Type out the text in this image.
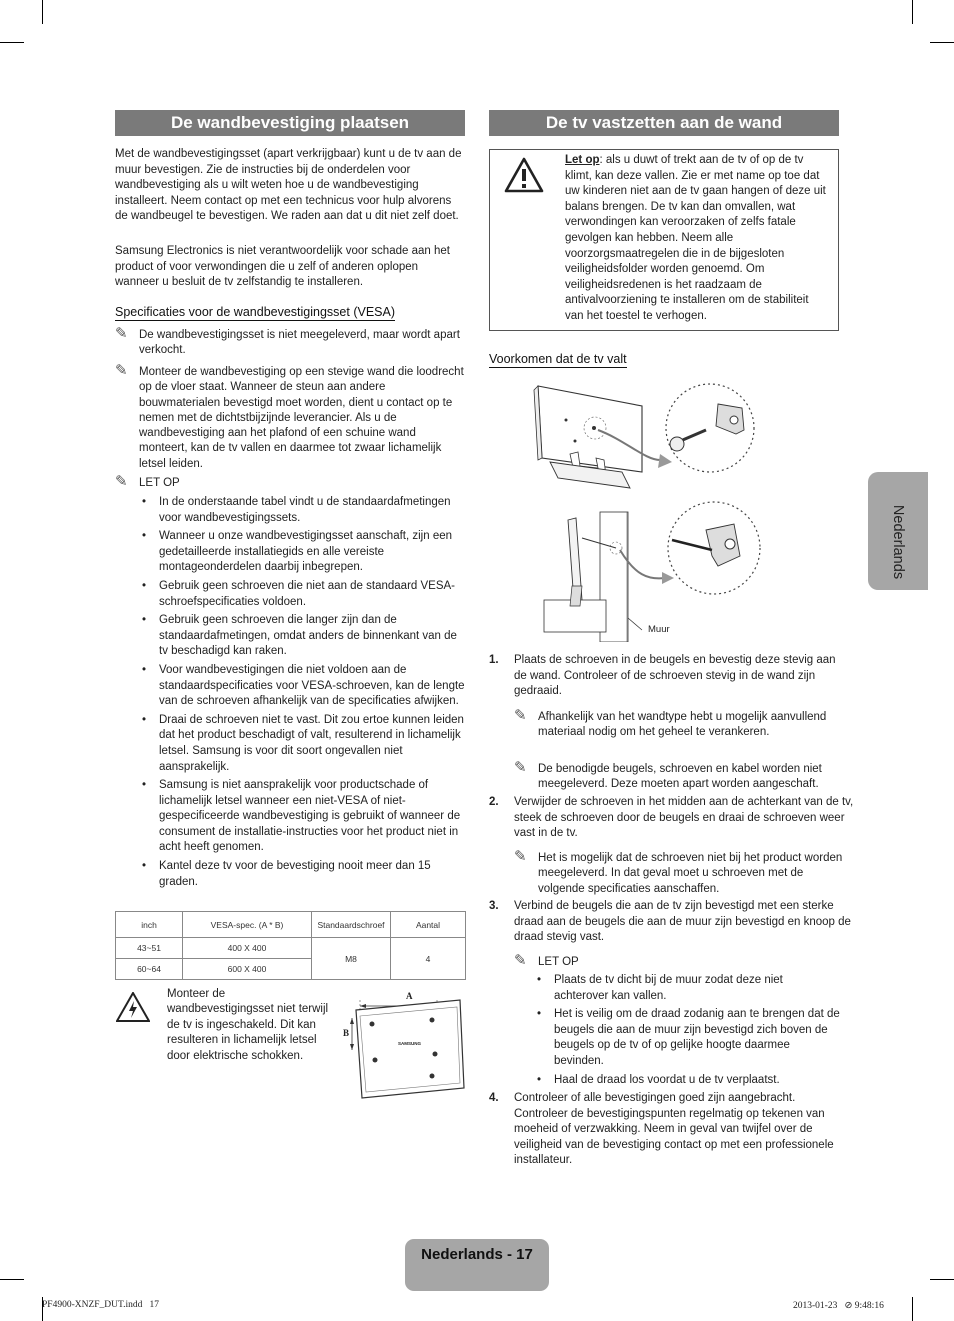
De wandbevestiging plaatsen
Met de wandbevestigingsset (apart verkrijgbaar) kunt u de tv aan de muur bevestigen. Zie de instructies bij de onderdelen voor wandbevestiging als u wilt weten hoe u de wandbevestiging installeert. Neem contact op met een technicus voor hulp alvorens de wandbeugel te bevestigen. We raden aan dat u dit niet zelf doet.
Samsung Electronics is niet verantwoordelijk voor schade aan het product of voor verwondingen die u zelf of anderen oplopen wanneer u besluit de tv zelfstandig te installeren.
Specificaties voor de wandbevestigingsset (VESA)
✎ De wandbevestigingsset is niet meegeleverd, maar wordt apart verkocht.
✎ Monteer de wandbevestiging op een stevige wand die loodrecht op de vloer staat. Wanneer de steun aan andere bouwmaterialen bevestigd moet worden, dient u contact op te nemen met de dichtstbijzijnde leverancier. Als u de wandbevestiging aan het plafond of een schuine wand monteert, kan de tv vallen en daarmee tot zwaar lichamelijk letsel leiden.
✎ LET OP
• In de onderstaande tabel vindt u de standaardafmetingen voor wandbevestigingssets.
• Wanneer u onze wandbevestigingsset aanschaft, zijn een gedetailleerde installatiegids en alle vereiste montageonderdelen daarbij inbegrepen.
• Gebruik geen schroeven die niet aan de standaard VESA-schroefspecificaties voldoen.
• Gebruik geen schroeven die langer zijn dan de standaardafmetingen, omdat anders de binnenkant van de tv beschadigd kan raken.
• Voor wandbevestigingen die niet voldoen aan de standaardspecificaties voor VESA-schroeven, kan de lengte van de schroeven afhankelijk van de specificaties afwijken.
• Draai de schroeven niet te vast. Dit zou ertoe kunnen leiden dat het product beschadigt of valt, resulterend in lichamelijk letsel. Samsung is voor dit soort ongevallen niet aansprakelijk.
• Samsung is niet aansprakelijk voor productschade of lichamelijk letsel wanneer een niet-VESA of niet-gespecificeerde wandbevestiging is gebruikt of wanneer de consument de installatie-instructies voor het product niet in acht heeft genomen.
• Kantel deze tv voor de bevestiging nooit meer dan 15 graden.
inch	VESA-spec. (A * B)	Standaardschroef	Aantal
43~51	400 X 400	M8	4
60~64	600 X 400		
Monteer de wandbevestigingsset niet terwijl de tv is ingeschakeld. Dit kan resulteren in lichamelijk letsel door elektrische schokken.
A
B
SAMSUNG
De tv vastzetten aan de wand
Let op: als u duwt of trekt aan de tv of op de tv klimt, kan deze vallen. Zie er met name op toe dat uw kinderen niet aan de tv gaan hangen of deze uit balans brengen. De tv kan dan omvallen, wat verwondingen kan veroorzaken of zelfs fatale gevolgen kan hebben. Neem alle voorzorgsmaatregelen die in de bijgesloten veiligheidsfolder worden genoemd. Om veiligheidsredenen is het raadzaam de antivalvoorziening te installeren om de stabiliteit van het toestel te verhogen.
Voorkomen dat de tv valt
Muur
1. Plaats de schroeven in de beugels en bevestig deze stevig aan de wand. Controleer of de schroeven stevig in de wand zijn gedraaid.
✎ Afhankelijk van het wandtype hebt u mogelijk aanvullend materiaal nodig om het geheel te verankeren.
✎ De benodigde beugels, schroeven en kabel worden niet meegeleverd. Deze moeten apart worden aangeschaft.
2. Verwijder de schroeven in het midden aan de achterkant van de tv, steek de schroeven door de beugels en draai de schroeven weer vast in de tv.
✎ Het is mogelijk dat de schroeven niet bij het product worden meegeleverd. In dat geval moet u schroeven met de volgende specificaties aanschaffen.
3. Verbind de beugels die aan de tv zijn bevestigd met een sterke draad aan de beugels die aan de muur zijn bevestigd en knoop de draad stevig vast.
✎ LET OP
• Plaats de tv dicht bij de muur zodat deze niet achterover kan vallen.
• Het is veilig om de draad zodanig aan te brengen dat de beugels die aan de muur zijn bevestigd zich boven de beugels op de tv of op gelijke hoogte daarmee bevinden.
• Haal de draad los voordat u de tv verplaatst.
4. Controleer of alle bevestigingen goed zijn aangebracht. Controleer de bevestigingspunten regelmatig op tekenen van moeheid of verzwakking. Neem in geval van twijfel over de veiligheid van de bevestiging contact op met een professionele installateur.
Nederlands
Nederlands - 17
PF4900-XNZF_DUT.indd   17	2013-01-23   ⊘ 9:48:16
